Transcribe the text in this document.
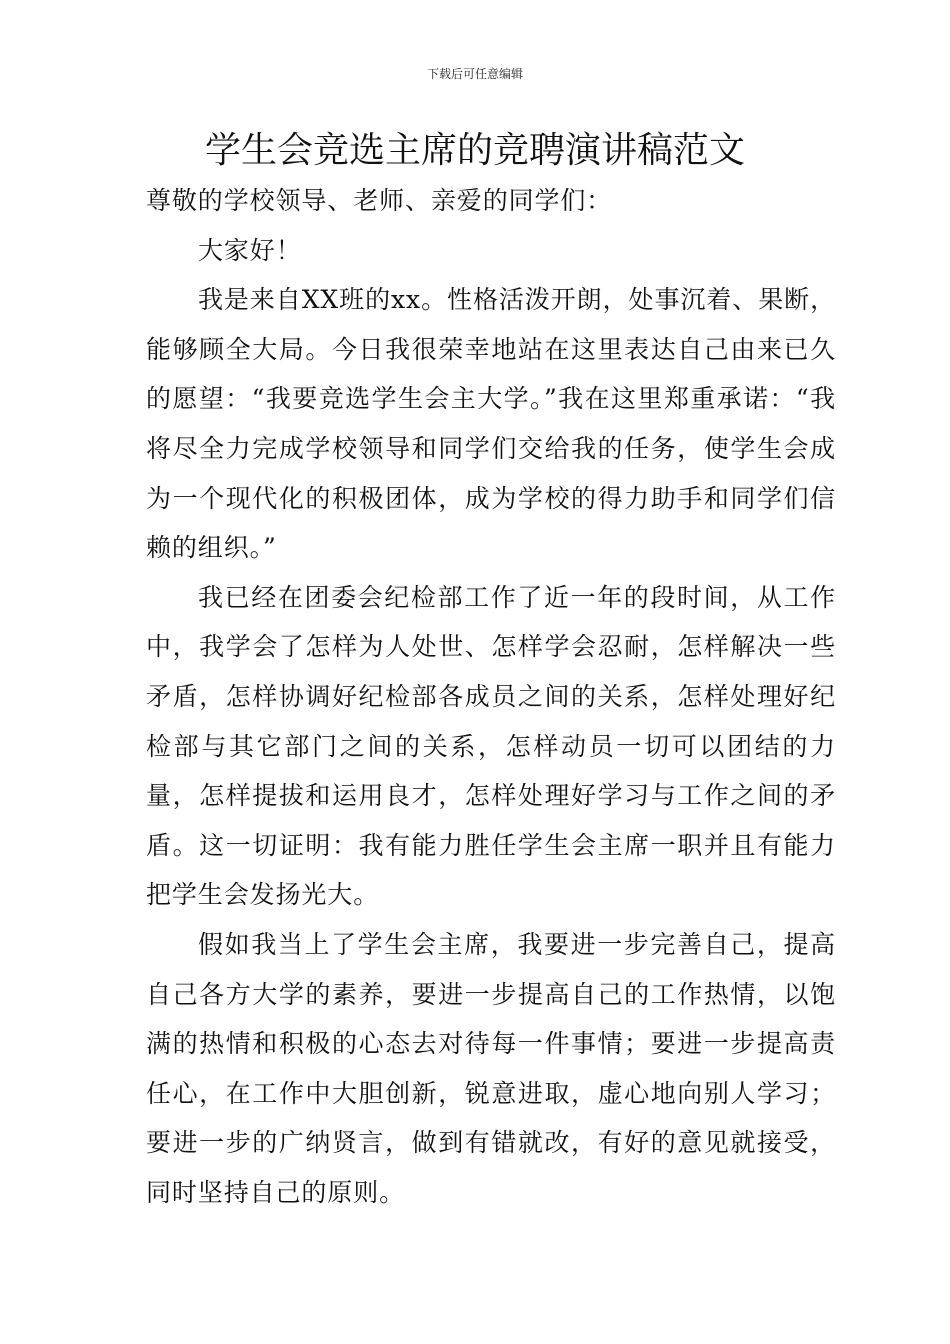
下载后可任意编辑
学生会竞选主席的竞聘演讲稿范文

尊敬的学校领导、老师、亲爱的同学们：

大家好！

我是来自XX班的xx。性格活泼开朗，处事沉着、果断，能够顾全大局。今日我很荣幸地站在这里表达自己由来已久的愿望：“我要竞选学生会主大学。”我在这里郑重承诺：“我将尽全力完成学校领导和同学们交给我的任务，使学生会成为一个现代化的积极团体，成为学校的得力助手和同学们信赖的组织。”

我已经在团委会纪检部工作了近一年的段时间，从工作中，我学会了怎样为人处世、怎样学会忍耐，怎样解决一些矛盾，怎样协调好纪检部各成员之间的关系，怎样处理好纪检部与其它部门之间的关系，怎样动员一切可以团结的力量，怎样提拔和运用良才，怎样处理好学习与工作之间的矛盾。这一切证明：我有能力胜任学生会主席一职并且有能力把学生会发扬光大。

假如我当上了学生会主席，我要进一步完善自己，提高自己各方大学的素养，要进一步提高自己的工作热情，以饱满的热情和积极的心态去对待每一件事情；要进一步提高责任心，在工作中大胆创新，锐意进取，虚心地向别人学习；要进一步的广纳贤言，做到有错就改，有好的意见就接受，同时坚持自己的原则。
